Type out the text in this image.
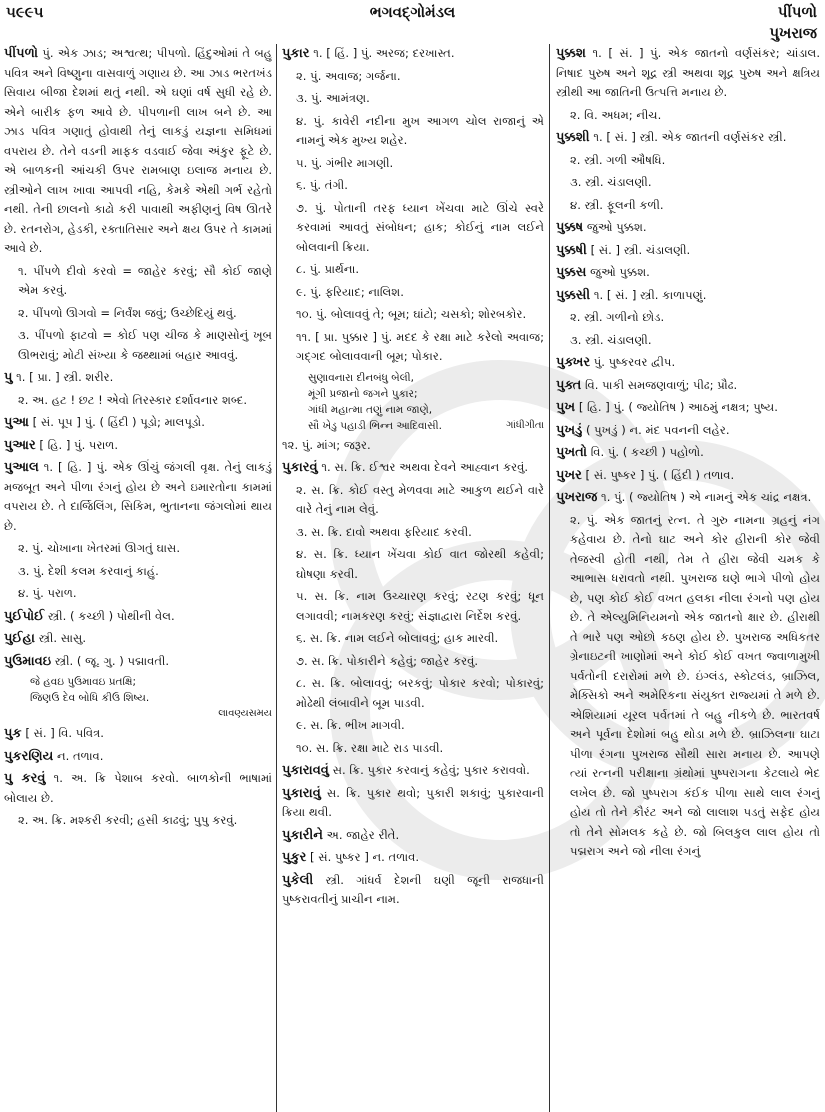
૫૯૯૫	ભગવદ્ગોમંડલ	પીંપળો
પુખરાજ

પીંપળો પું. એક ઝાડ; અશ્વત્થ; પીપળો. હિંદુઓમાં તે બહુ પવિત્ર અને વિષ્ણુના વાસવાળું ગણાય છે. આ ઝાડ ભરતખંડ સિવાય બીજા દેશમાં થતું નથી. એ ઘણાં વર્ષ સુધી રહે છે. એને બારીક ફળ આવે છે. પીપળાની લાખ બને છે. આ ઝાડ પવિત્ર ગણાતું હોવાથી તેનું લાકડું યજ્ઞના સમિધમાં વપરાય છે. તેને વડની માફક વડવાઈ જેવા અંકુર ફૂટે છે. એ બાળકની આંચકી ઉપર રામબાણ ઇલાજ મનાય છે. સ્ત્રીઓને લાખ ખાવા આપવી નહિ, કેમકે એથી ગર્ભ રહેતો નથી. તેની છાલનો કાઢો કરી પાવાથી અફીણનું વિષ ઊતરે છે. રતનરોગ, હેડકી, રક્તાતિસાર અને ક્ષય ઉપર તે કામમાં આવે છે.

૧. પીંપળે દીવો કરવો = જાહેર કરવું; સૌ કોઈ જાણે એમ કરવું.

૨. પીંપળો ઊગવો = નિર્વંશ જવું; ઉચ્છેદિયું થવું.

૩. પીંપળો ફાટવો = કોઈ પણ ચીજ કે માણસોનું ખૂબ ઊભરાવું; મોટી સંખ્યા કે જથ્થામાં બહાર આવવું.

પુ ૧. [ પ્રા. ] સ્ત્રી. શરીર.

૨. અ. હટ ! છટ ! એવો તિરસ્કાર દર્શાવનાર શબ્દ.

પુઆ [ સં. પૂપ ] પું. ( હિંદી ) પૂડો; માલપૂડો.

પુઆર [ હિ. ] પું. પરાળ.

પુઆલ ૧. [ હિ. ] પું. એક ઊંચું જંગલી વૃક્ષ. તેનું લાકડું મજબૂત અને પીળા રંગનું હોય છે અને ઇમારતોના કામમાં વપરાય છે. તે દાર્જિલિંગ, સિકિમ, ભુતાનના જંગલોમાં થાય છે.

૨. પું. ચોખાના ખેતરમાં ઊગતું ઘાસ.

૩. પું. દેશી કલમ કરવાનું કાહું.

૪. પું. પરાળ.

પુઈપોઈ સ્ત્રી. ( કચ્છી ) પોથીની વેલ.

પુઈહા સ્ત્રી. સાસુ.

પુઉમાવઇ સ્ત્રી. ( જૂ. ગુ. ) પદ્માવતી.

જે હવઇ પુઉમાવઇ પ્રતક્ષિ;
જિણઉ દેવ બોધિ કીઉ શિષ્ય.
લાવણ્યસમય

પુક [ સં. ] વિ. પવિત્ર.

પુકરણિય ન. તળાવ.

પુ કરવું ૧. અ. ક્રિ પેશાબ કરવો. બાળકોની ભાષામાં બોલાય છે.

૨. અ. ક્રિ. મશ્કરી કરવી; હસી કાઢવું; પુપુ કરવું.

પુકાર ૧. [ હિં. ] પું. અરજ; દરખાસ્ત.

૨. પું. અવાજ; ગર્જના.

૩. પું. આમંત્રણ.

૪. પું. કાવેરી નદીના મુખ આગળ ચોલ રાજાનું એ નામનું એક મુખ્ય શહેર.

૫. પું. ગંભીર માગણી.

૬. પું. તંગી.

૭. પું. પોતાની તરફ ધ્યાન ખેંચવા માટે ઊંચે સ્વરે કરવામાં આવતું સંબોધન; હાક; કોઈનું નામ લઈને બોલવાની ક્રિયા.

૮. પું. પ્રાર્થના.

૯. પું. ફરિયાદ; નાલિશ.

૧૦. પું. બોલાવવું તે; બૂમ; ઘાંટો; ચસકો; શોરબકોર.

૧૧. [ પ્રા. પુક્કાર ] પું. મદદ કે રક્ષા માટે કરેલો અવાજ; ગદ્ગદ બોલાવવાની બૂમ; પોકાર.

સુણાવનારા દીનબંધુ બેલી,
મૂંગી પ્રજાનો જગને પુકાર;
ગાંધી મહાત્મા તણું નામ જાણે,
ગાંધીગીતા
સૌ ખેડુ પહાડી ભિન્ન આદિવાસી.

૧૨. પું. માંગ; જરૂર.

પુકારવું ૧. સ. ક્રિ. ઈશ્વર અથવા દેવને આહ્વાન કરવું.

૨. સ. ક્રિ. કોઈ વસ્તુ મેળવવા માટે આકુળ થઈને વારે વારે તેનું નામ લેવું.

૩. સ. ક્રિ. દાવો અથવા ફરિયાદ કરવી.

૪. સ. ક્રિ. ધ્યાન ખેંચવા કોઈ વાત જોરથી કહેવી; ઘોષણા કરવી.

૫. સ. ક્રિ. નામ ઉચ્ચારણ કરવું; રટણ કરવું; ધૂન લગાવવી; નામકરણ કરવું; સંજ્ઞાદ્વારા નિર્દેશ કરવું.

૬. સ. ક્રિ. નામ લઈને બોલાવવું; હાક મારવી.

૭. સ. ક્રિ. પોકારીને કહેવું; જાહેર કરવું.

૮. સ. ક્રિ. બોલાવવું; બરકવું; પોકાર કરવો; પોકારવું; મોઢેથી લંબાવીને બૂમ પાડવી.

૯. સ. ક્રિ. ભીખ માગવી.

૧૦. સ. ક્રિ. રક્ષા માટે રાડ પાડવી.

પુકારાવવું સ. ક્રિ. પુકાર કરવાનું કહેવું; પુકાર કરાવવો.

પુકારાવું સ. ક્રિ. પુકાર થવો; પુકારી શકાવું; પુકારવાની ક્રિયા થવી.

પુકારીને અ. જાહેર રીતે.

પુકુર [ સં. પુષ્કર ] ન. તળાવ.

પુકેલી સ્ત્રી. ગાંધર્વ દેશની ઘણી જૂની રાજધાની પુષ્કરાવતીનું પ્રાચીન નામ.

પુક્કશ ૧. [ સં. ] પું. એક જાતનો વર્ણસંકર; ચાંડાલ. નિષાદ પુરુષ અને શૂદ્ર સ્ત્રી અથવા શૂદ્ર પુરુષ અને ક્ષત્રિય સ્ત્રીથી આ જાતિની ઉત્પત્તિ મનાય છે.

૨. વિ. અધમ; નીચ.

પુક્કશી ૧. [ સં. ] સ્ત્રી. એક જાતની વર્ણસંકર સ્ત્રી.

૨. સ્ત્રી. ગળી ઔષધિ.

૩. સ્ત્રી. ચંડાલણી.

૪. સ્ત્રી. ફૂલની કળી.

પુક્કષ જુઓ પુક્કશ.

પુક્કષી [ સં. ] સ્ત્રી. ચંડાલણી.

પુક્કસ જુઓ પુક્કશ.

પુક્કસી ૧. [ સં. ] સ્ત્રી. કાળાપણું.

૨. સ્ત્રી. ગળીનો છોડ.

૩. સ્ત્રી. ચંડાલણી.

પુક્ખર પું. પુષ્કરવર દ્વીપ.

પુક્ત વિ. પાકી સમજણવાળું; પીઢ; પ્રૌઢ.

પુખ [ હિ. ] પું. ( જ્યોતિષ ) આઠમું નક્ષત્ર; પુષ્ય.

પુખડું ( પુખડું ) ન. મંદ પવનની લહેર.

પુખતો વિ. પું. ( કચ્છી ) પહોળો.

પુખર [ સં. પુષ્કર ] પું. ( હિંદી ) તળાવ.

પુખરાજ ૧. પું. ( જ્યોતિષ ) એ નામનું એક ચાંદ્ર નક્ષત્ર.

૨. પું. એક જાતનું રત્ન. તે ગુરુ નામના ગ્રહનું નંગ કહેવાય છે. તેનો ઘાટ અને કોર હીરાની કોર જેવી તેજસ્વી હોતી નથી, તેમ તે હીરા જેવી ચમક કે આભાસ ધરાવતો નથી. પુખરાજ ઘણે ભાગે પીળો હોય છે, પણ કોઈ કોઈ વખત હલકા નીલા રંગનો પણ હોય છે. તે એલ્યુમિનિયમનો એક જાતનો ક્ષાર છે. હીરાથી તે ભારે પણ ઓછો કઠણ હોય છે. પુખરાજ અધિકતર ગ્રેનાઇટની ખાણોમાં અને કોઈ કોઈ વખત જ્વાળામુખી પર્વતોની દરારોમાં મળે છે. ઇંગ્લંડ, સ્કોટલંડ, બ્રાઝિલ, મેક્સિકો અને અમેરિકના સંયુક્ત રાજ્યમાં તે મળે છે. એશિયામાં યૂરલ પર્વતમાં તે બહુ નીકળે છે. ભારતવર્ષ અને પૂર્વના દેશોમાં બહુ થોડા મળે છે. બ્રાઝિલના ઘાટા પીળા રંગના પુખરાજ સૌથી સારા મનાય છે. આપણે ત્યાં રત્નની પરીક્ષાના ગ્રંથોમાં પુષ્પરાગના કેટલાયે ભેદ લખેલ છે. જો પુષ્પરાગ કંઈક પીળા સાથે લાલ રંગનું હોય તો તેને કૌરંટ અને જો લાલાશ પડતું સફેદ હોય તો તેને સોમલક કહે છે. જો બિલકુલ લાલ હોય તો પદ્મરાગ અને જો નીલા રંગનું
